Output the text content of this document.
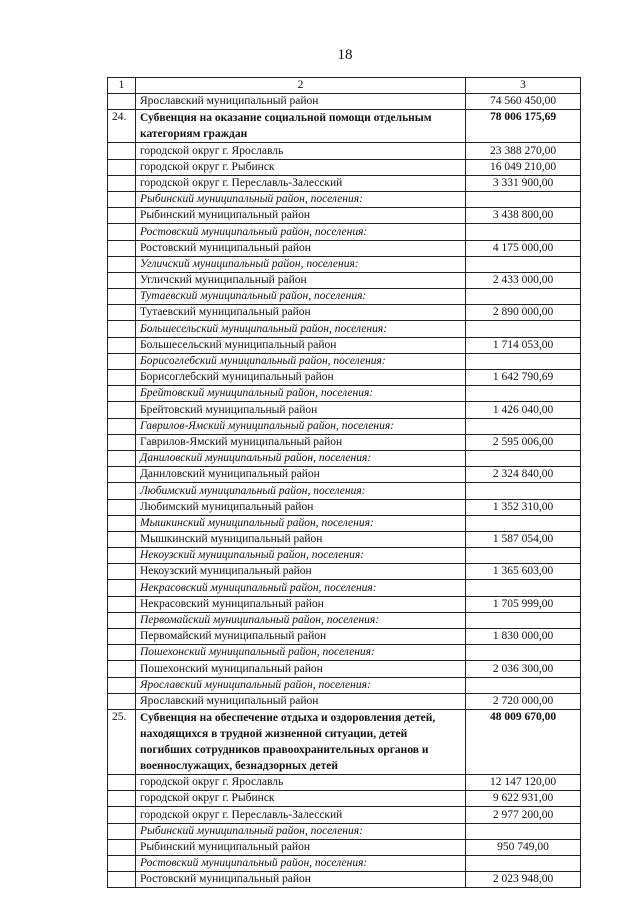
18
1	2	3
	Ярославский муниципальный район	74 560 450,00
24.	Субвенция на оказание социальной помощи отдельным категориям граждан	78 006 175,69
	городской округ г. Ярославль	23 388 270,00
	городской округ г. Рыбинск	16 049 210,00
	городской округ г. Переславль-Залесский	3 331 900,00
	Рыбинский муниципальный район, поселения:	
	Рыбинский муниципальный район	3 438 800,00
	Ростовский муниципальный район, поселения:	
	Ростовский муниципальный район	4 175 000,00
	Угличский муниципальный район, поселения:	
	Угличский муниципальный район	2 433 000,00
	Тутаевский муниципальный район, поселения:	
	Тутаевский муниципальный район	2 890 000,00
	Большесельский муниципальный район, поселения:	
	Большесельский муниципальный район	1 714 053,00
	Борисоглебский муниципальный район, поселения:	
	Борисоглебский муниципальный район	1 642 790,69
	Брейтовский муниципальный район, поселения:	
	Брейтовский муниципальный район	1 426 040,00
	Гаврилов-Ямский муниципальный район, поселения:	
	Гаврилов-Ямский муниципальный район	2 595 006,00
	Даниловский муниципальный район, поселения:	
	Даниловский муниципальный район	2 324 840,00
	Любимский муниципальный район, поселения:	
	Любимский муниципальный район	1 352 310,00
	Мышкинский муниципальный район, поселения:	
	Мышкинский муниципальный район	1 587 054,00
	Некоузский муниципальный район, поселения:	
	Некоузский муниципальный район	1 365 603,00
	Некрасовский муниципальный район, поселения:	
	Некрасовский муниципальный район	1 705 999,00
	Первомайский муниципальный район, поселения:	
	Первомайский муниципальный район	1 830 000,00
	Пошехонский муниципальный район, поселения:	
	Пошехонский муниципальный район	2 036 300,00
	Ярославский муниципальный район, поселения:	
	Ярославский муниципальный район	2 720 000,00
25.	Субвенция на обеспечение отдыха и оздоровления детей, находящихся в трудной жизненной ситуации, детей погибших сотрудников правоохранительных органов и военнослужащих, безнадзорных детей	48 009 670,00
	городской округ г. Ярославль	12 147 120,00
	городской округ г. Рыбинск	9 622 931,00
	городской округ г. Переславль-Залесский	2 977 200,00
	Рыбинский муниципальный район, поселения:	
	Рыбинский муниципальный район	950 749,00
	Ростовский муниципальный район, поселения:	
	Ростовский муниципальный район	2 023 948,00
